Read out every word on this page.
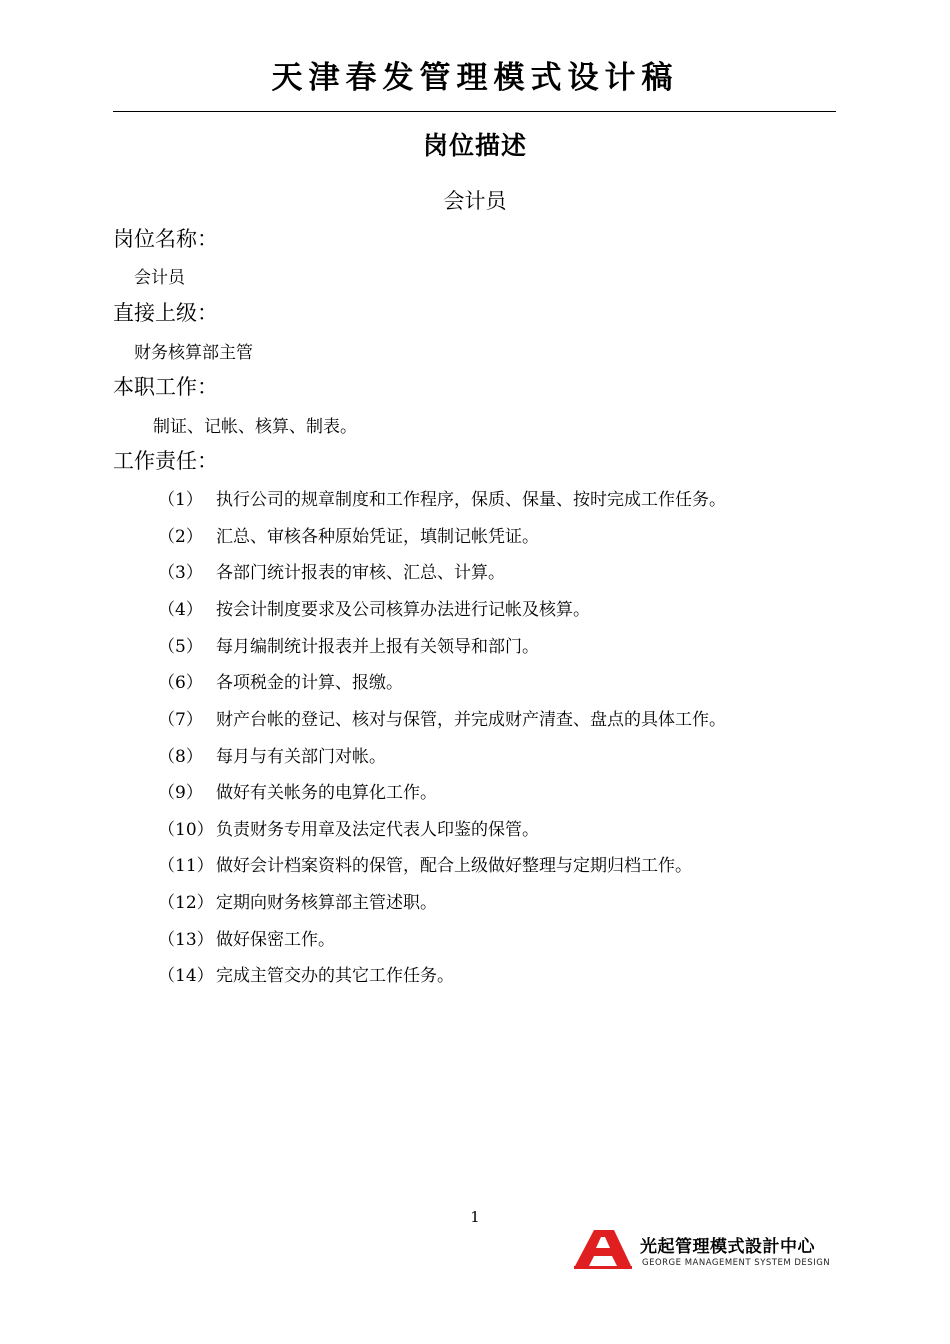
天津春发管理模式设计稿
岗位描述
会计员
岗位名称：
会计员
直接上级：
财务核算部主管
本职工作：
制证、记帐、核算、制表。
工作责任：
（1） 执行公司的规章制度和工作程序，保质、保量、按时完成工作任务。
（2） 汇总、审核各种原始凭证，填制记帐凭证。
（3） 各部门统计报表的审核、汇总、计算。
（4） 按会计制度要求及公司核算办法进行记帐及核算。
（5） 每月编制统计报表并上报有关领导和部门。
（6） 各项税金的计算、报缴。
（7） 财产台帐的登记、核对与保管，并完成财产清查、盘点的具体工作。
（8） 每月与有关部门对帐。
（9） 做好有关帐务的电算化工作。
（10） 负责财务专用章及法定代表人印鉴的保管。
（11） 做好会计档案资料的保管，配合上级做好整理与定期归档工作。
（12） 定期向财务核算部主管述职。
（13） 做好保密工作。
（14） 完成主管交办的其它工作任务。
1
光起管理模式設計中心
GEORGE MANAGEMENT SYSTEM DESIGN
